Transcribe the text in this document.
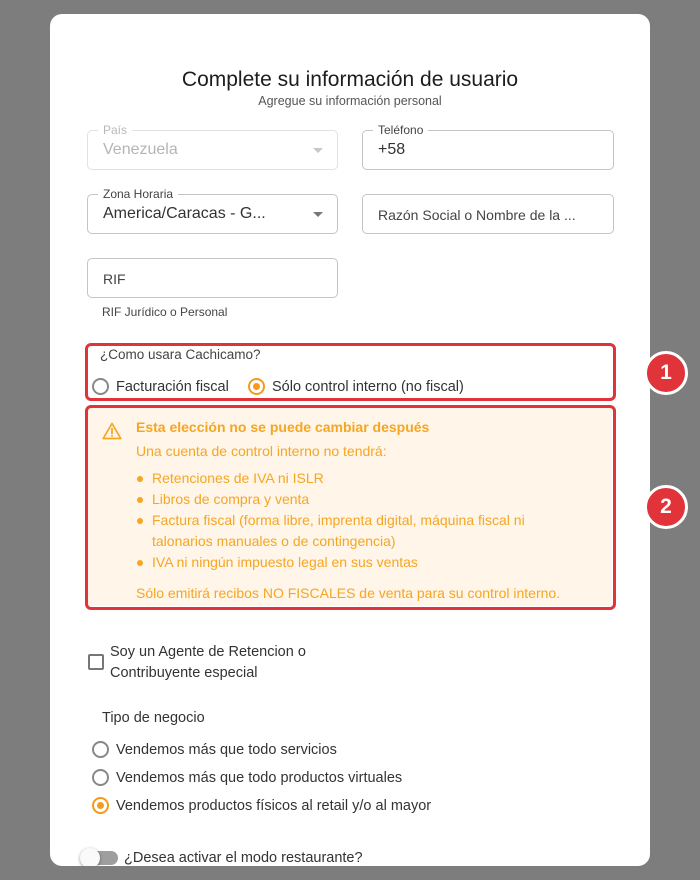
Complete su información de usuario
Agregue su información personal
País
Venezuela
Teléfono
+58
Zona Horaria
America/Caracas - G...	Razón Social o Nombre de la ...
RIF
RIF Jurídico o Personal
¿Como usara Cachicamo?
Facturación fiscal	Sólo control interno (no fiscal)
Esta elección no se puede cambiar después
Una cuenta de control interno no tendrá:
Retenciones de IVA ni ISLR
Libros de compra y venta
Factura fiscal (forma libre, imprenta digital, máquina fiscal ni talonarios manuales o de contingencia)
IVA ni ningún impuesto legal en sus ventas
Sólo emitirá recibos NO FISCALES de venta para su control interno.
Soy un Agente de Retencion o
Contribuyente especial
Tipo de negocio
Vendemos más que todo servicios
Vendemos más que todo productos virtuales
Vendemos productos físicos al retail y/o al mayor
¿Desea activar el modo restaurante?
1
2
